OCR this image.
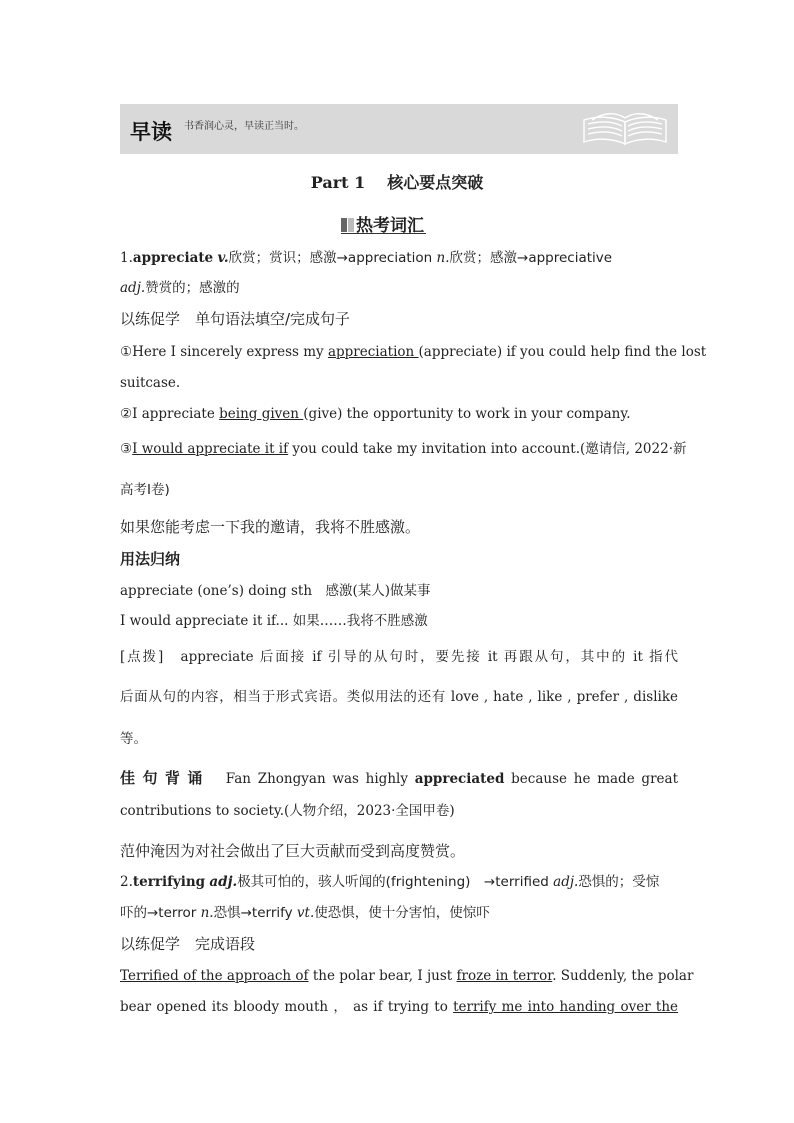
早读 书香润心灵，早读正当时。
Part 1 核心要点突破
热考词汇
1.appreciate v.欣赏；赏识；感激→appreciation n.欣赏；感激→appreciative
adj.赞赏的；感激的
以练促学　单句语法填空/完成句子
①Here I sincerely express my appreciation (appreciate) if you could help find the lost
suitcase.
②I appreciate being given (give) the opportunity to work in your company.
③I would appreciate it if you could take my invitation into account.(邀请信, 2022·新
高考Ⅰ卷)
如果您能考虑一下我的邀请，我将不胜感激。
用法归纳
appreciate (one’s) doing sth　感激(某人)做某事
I would appreciate it if... 如果……我将不胜感激
[点拨]　appreciate 后面接 if 引导的从句时，要先接 it 再跟从句，其中的 it 指代
后面从句的内容，相当于形式宾语。类似用法的还有 love , hate , like , prefer , dislike
等。
佳句背诵　Fan Zhongyan was highly appreciated because he made great
contributions to society.(人物介绍，2023·全国甲卷)
范仲淹因为对社会做出了巨大贡献而受到高度赞赏。
2.terrifying adj.极其可怕的，骇人听闻的(frightening)　→terrified adj.恐惧的；受惊
吓的→terror n.恐惧→terrify vt.使恐惧，使十分害怕，使惊吓
以练促学　完成语段
Terrified of the approach of the polar bear, I just froze in terror. Suddenly, the polar
bear opened its bloody mouth ， as if trying to terrify me into handing over the
